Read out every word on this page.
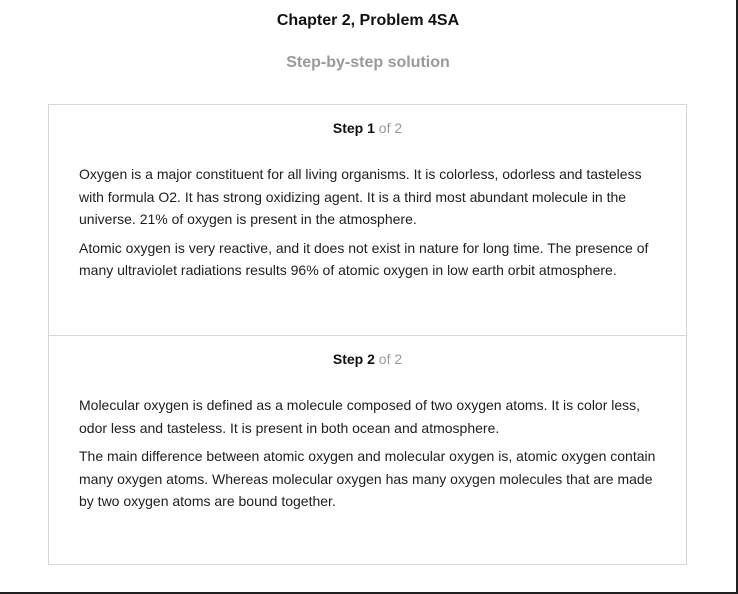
Chapter 2, Problem 4SA
Step-by-step solution
Step 1 of 2

Oxygen is a major constituent for all living organisms. It is colorless, odorless and tasteless with formula O2. It has strong oxidizing agent. It is a third most abundant molecule in the universe. 21% of oxygen is present in the atmosphere.

Atomic oxygen is very reactive, and it does not exist in nature for long time. The presence of many ultraviolet radiations results 96% of atomic oxygen in low earth orbit atmosphere.

Step 2 of 2

Molecular oxygen is defined as a molecule composed of two oxygen atoms. It is color less, odor less and tasteless. It is present in both ocean and atmosphere.

The main difference between atomic oxygen and molecular oxygen is, atomic oxygen contain many oxygen atoms. Whereas molecular oxygen has many oxygen molecules that are made by two oxygen atoms are bound together.
